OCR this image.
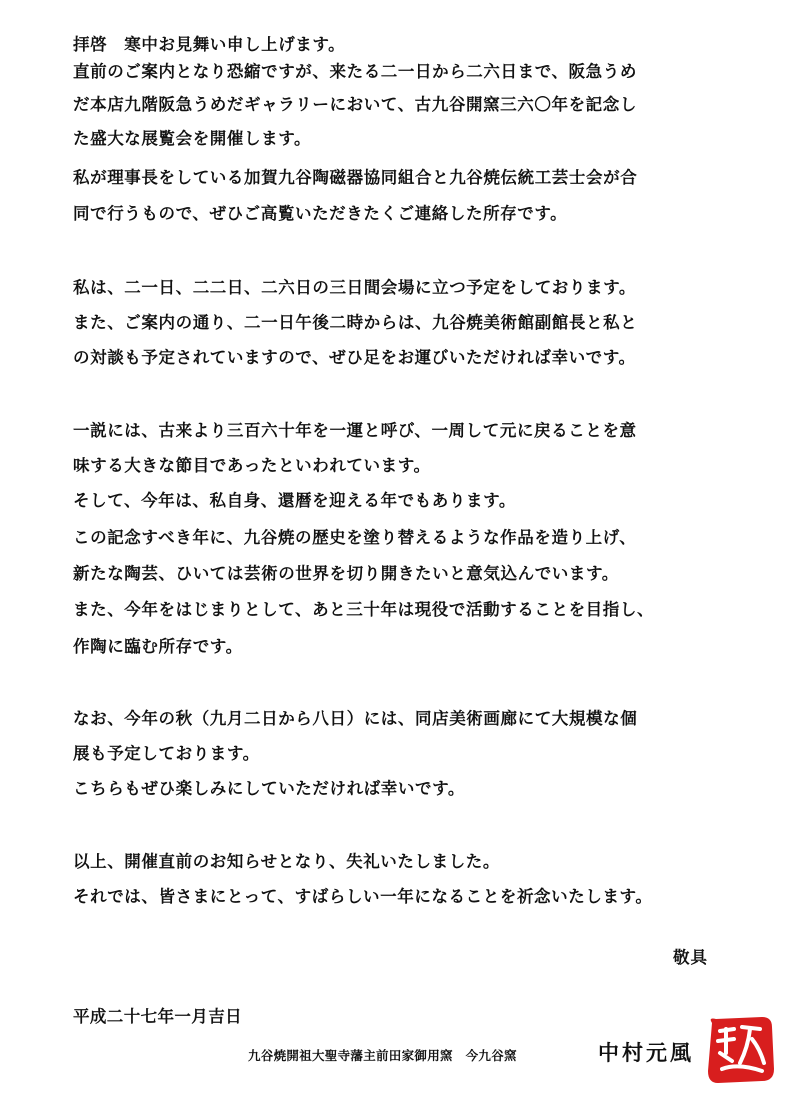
拝啓　寒中お見舞い申し上げます。
直前のご案内となり恐縮ですが、来たる二一日から二六日まで、阪急うめ
だ本店九階阪急うめだギャラリーにおいて、古九谷開窯三六〇年を記念し
た盛大な展覧会を開催します。
私が理事長をしている加賀九谷陶磁器協同組合と九谷焼伝統工芸士会が合
同で行うもので、ぜひご高覧いただきたくご連絡した所存です。
私は、二一日、二二日、二六日の三日間会場に立つ予定をしております。
また、ご案内の通り、二一日午後二時からは、九谷焼美術館副館長と私と
の対談も予定されていますので、ぜひ足をお運びいただければ幸いです。
一説には、古来より三百六十年を一運と呼び、一周して元に戻ることを意
味する大きな節目であったといわれています。
そして、今年は、私自身、還暦を迎える年でもあります。
この記念すべき年に、九谷焼の歴史を塗り替えるような作品を造り上げ、
新たな陶芸、ひいては芸術の世界を切り開きたいと意気込んでいます。
また、今年をはじまりとして、あと三十年は現役で活動することを目指し、
作陶に臨む所存です。
なお、今年の秋（九月二日から八日）には、同店美術画廊にて大規模な個
展も予定しております。
こちらもぜひ楽しみにしていただければ幸いです。
以上、開催直前のお知らせとなり、失礼いたしました。
それでは、皆さまにとって、すばらしい一年になることを祈念いたします。
敬具
平成二十七年一月吉日
九谷焼開祖大聖寺藩主前田家御用窯　今九谷窯	中村元風
